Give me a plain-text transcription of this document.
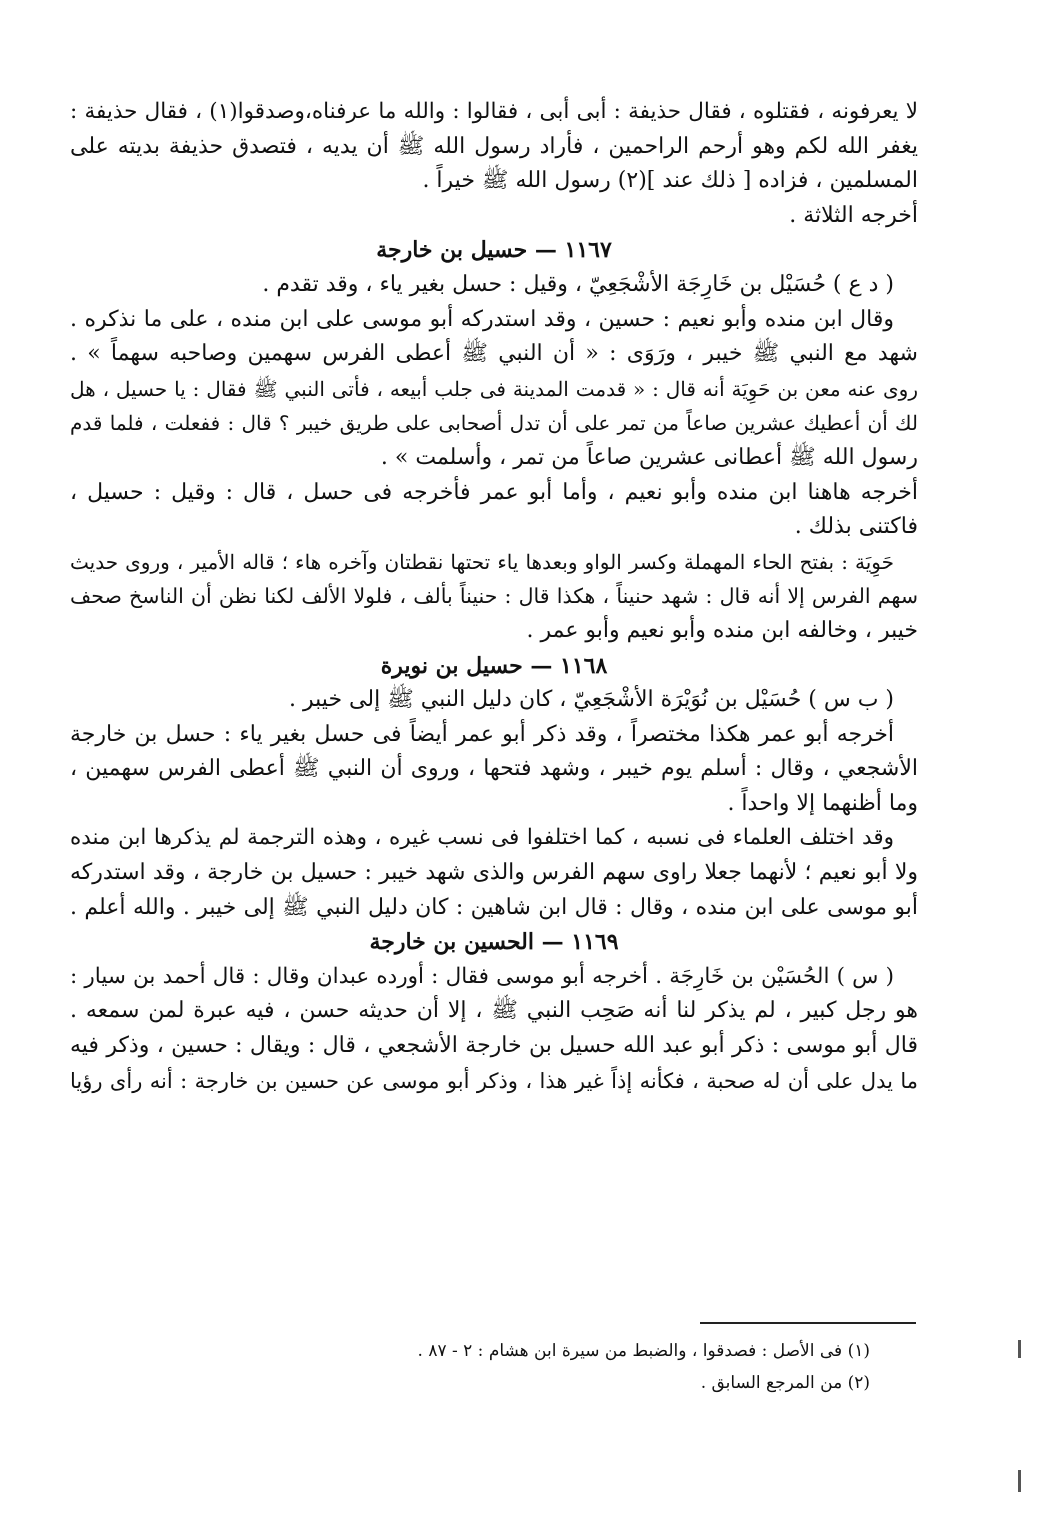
لا يعرفونه ، فقتلوه ، فقال حذيفة : أبى أبى ، فقالوا : والله ما عرفناه،وصدقوا(١) ، فقال حذيفة :
يغفر الله لكم وهو أرحم الراحمين ، فأراد رسول الله ﷺ أن يديه ، فتصدق حذيفة بديته على
المسلمين ، فزاده [ ذلك عند ](٢) رسول الله ﷺ خيراً .
أخرجه الثلاثة .
١١٦٧ — حسيل بن خارجة
( د ع ) حُسَيْل بن خَارِجَة الأشْجَعِيّ ، وقيل : حسل بغير ياء ، وقد تقدم .
وقال ابن منده وأبو نعيم : حسين ، وقد استدركه أبو موسى على ابن منده ، على ما نذكره .
شهد مع النبي ﷺ خيبر ، ورَوَى : « أن النبي ﷺ أعطى الفرس سهمين وصاحبه سهماً » .
روى عنه معن بن حَوِيَة أنه قال : « قدمت المدينة فى جلب أبيعه ، فأتى النبي ﷺ فقال : يا حسيل ، هل
لك أن أعطيك عشرين صاعاً من تمر على أن تدل أصحابى على طريق خيبر ؟ قال : ففعلت ، فلما قدم
رسول الله ﷺ أعطانى عشرين صاعاً من تمر ، وأسلمت » .
أخرجه هاهنا ابن منده وأبو نعيم ، وأما أبو عمر فأخرجه فى حسل ، قال : وقيل : حسيل ،
فاكتنى بذلك .
حَوِيَة : بفتح الحاء المهملة وكسر الواو وبعدها ياء تحتها نقطتان وآخره هاء ؛ قاله الأمير ، وروى حديث
سهم الفرس إلا أنه قال : شهد حنيناً ، هكذا قال : حنيناً بألف ، فلولا الألف لكنا نظن أن الناسخ صحف
خيبر ، وخالفه ابن منده وأبو نعيم وأبو عمر .
١١٦٨ — حسيل بن نويرة
( ب س ) حُسَيْل بن نُوَيْرَة الأشْجَعِيّ ، كان دليل النبي ﷺ إلى خيبر .
أخرجه أبو عمر هكذا مختصراً ، وقد ذكر أبو عمر أيضاً فى حسل بغير ياء : حسل بن خارجة
الأشجعي ، وقال : أسلم يوم خيبر ، وشهد فتحها ، وروى أن النبي ﷺ أعطى الفرس سهمين ،
وما أظنهما إلا واحداً .
وقد اختلف العلماء فى نسبه ، كما اختلفوا فى نسب غيره ، وهذه الترجمة لم يذكرها ابن منده
ولا أبو نعيم ؛ لأنهما جعلا راوى سهم الفرس والذى شهد خيبر : حسيل بن خارجة ، وقد استدركه
أبو موسى على ابن منده ، وقال : قال ابن شاهين : كان دليل النبي ﷺ إلى خيبر . والله أعلم .
١١٦٩ — الحسين بن خارجة
( س ) الحُسَيْن بن خَارِجَة . أخرجه أبو موسى فقال : أورده عبدان وقال : قال أحمد بن سيار :
هو رجل كبير ، لم يذكر لنا أنه صَحِب النبي ﷺ ، إلا أن حديثه حسن ، فيه عبرة لمن سمعه .
قال أبو موسى : ذكر أبو عبد الله حسيل بن خارجة الأشجعي ، قال : ويقال : حسين ، وذكر فيه
ما يدل على أن له صحبة ، فكأنه إذاً غير هذا ، وذكر أبو موسى عن حسين بن خارجة : أنه رأى رؤيا
(١) فى الأصل : فصدقوا ، والضبط من سيرة ابن هشام : ٢ - ٨٧ .
(٢) من المرجع السابق .
